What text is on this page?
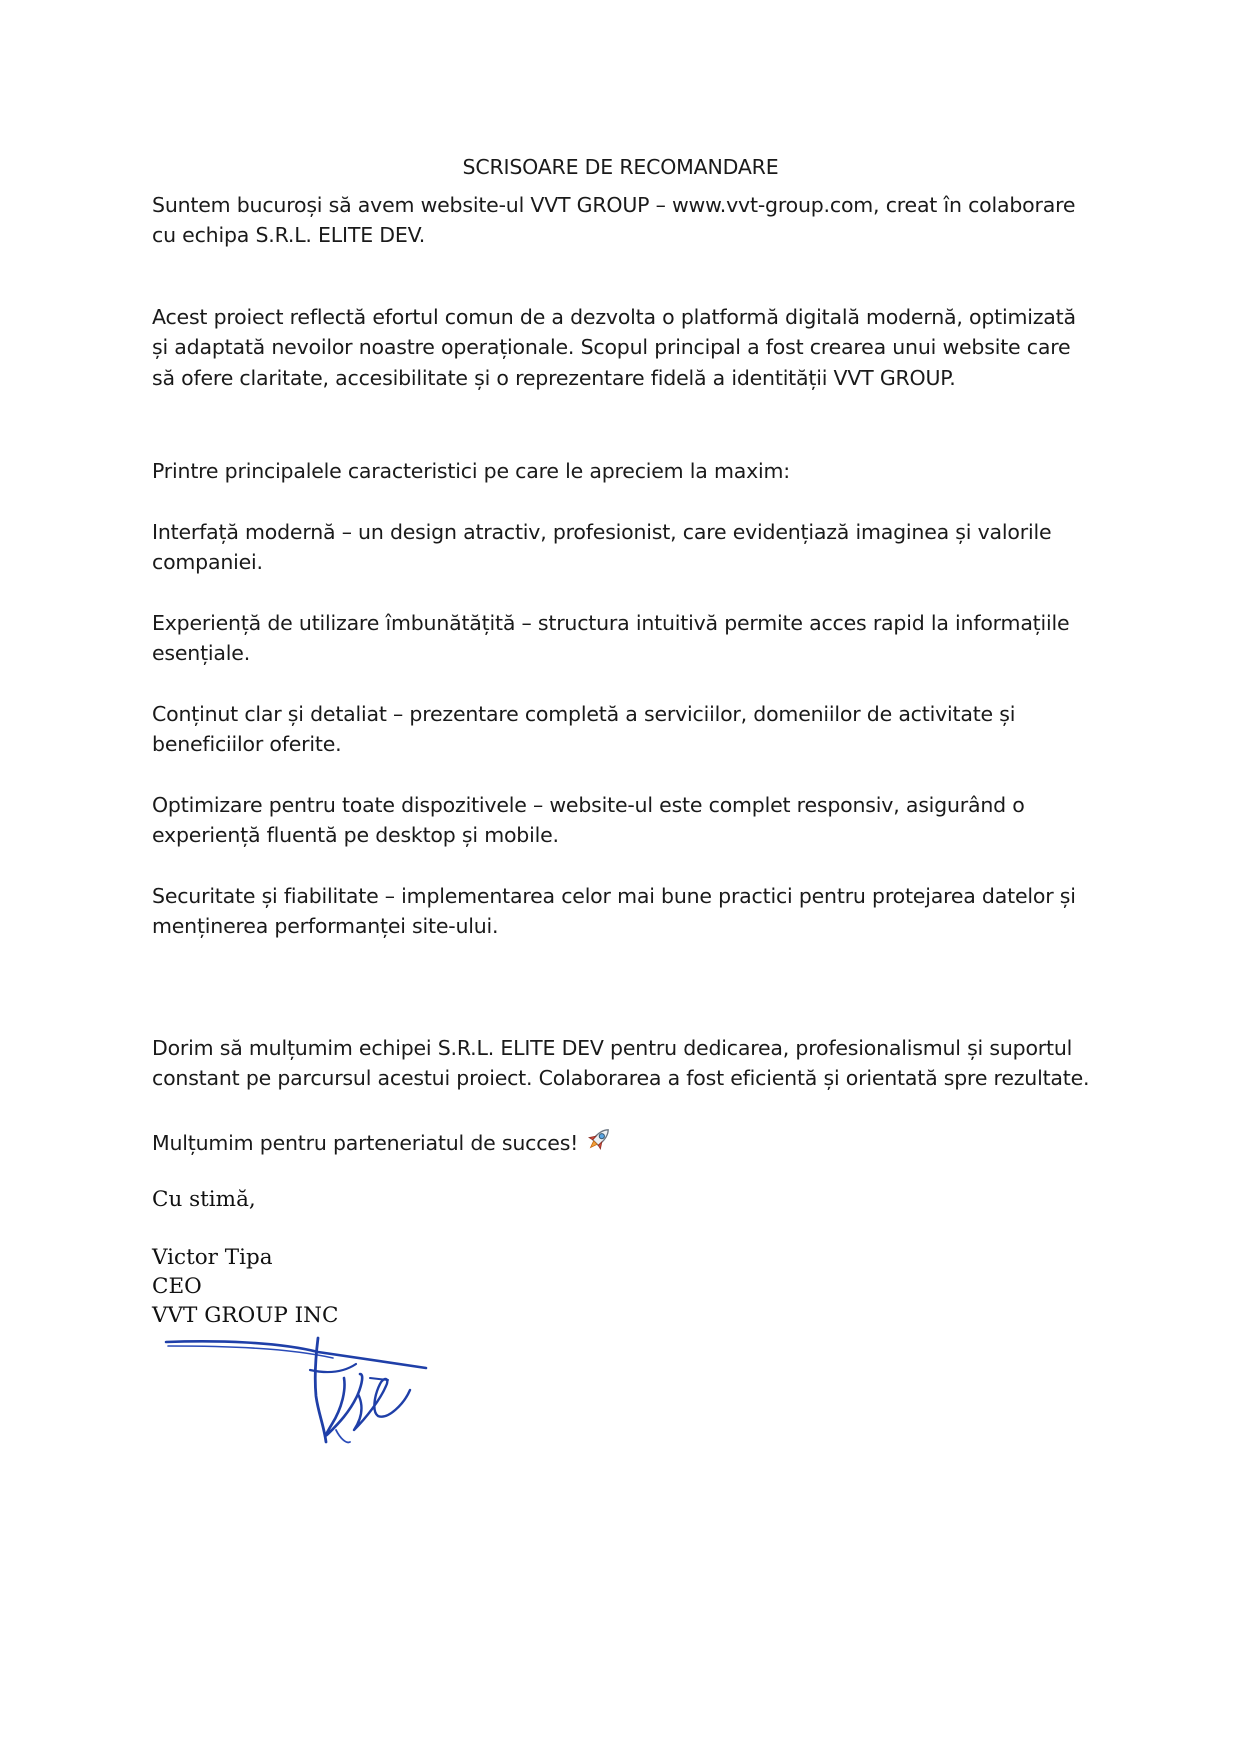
SCRISOARE DE RECOMANDARE

Suntem bucuroși să avem website-ul VVT GROUP – www.vvt-group.com, creat în colaborare
cu echipa S.R.L. ELITE DEV.

Acest proiect reflectă efortul comun de a dezvolta o platformă digitală modernă, optimizată
și adaptată nevoilor noastre operaționale. Scopul principal a fost crearea unui website care
să ofere claritate, accesibilitate și o reprezentare fidelă a identității VVT GROUP.

Printre principalele caracteristici pe care le apreciem la maxim:

Interfață modernă – un design atractiv, profesionist, care evidențiază imaginea și valorile
companiei.

Experiență de utilizare îmbunătățită – structura intuitivă permite acces rapid la informațiile
esențiale.

Conținut clar și detaliat – prezentare completă a serviciilor, domeniilor de activitate și
beneficiilor oferite.

Optimizare pentru toate dispozitivele – website-ul este complet responsiv, asigurând o
experiență fluentă pe desktop și mobile.

Securitate și fiabilitate – implementarea celor mai bune practici pentru protejarea datelor și
menținerea performanței site-ului.

Dorim să mulțumim echipei S.R.L. ELITE DEV pentru dedicarea, profesionalismul și suportul
constant pe parcursul acestui proiect. Colaborarea a fost eficientă și orientată spre rezultate.

Mulțumim pentru parteneriatul de succes!

Cu stimă,

Victor Tipa
CEO
VVT GROUP INC
